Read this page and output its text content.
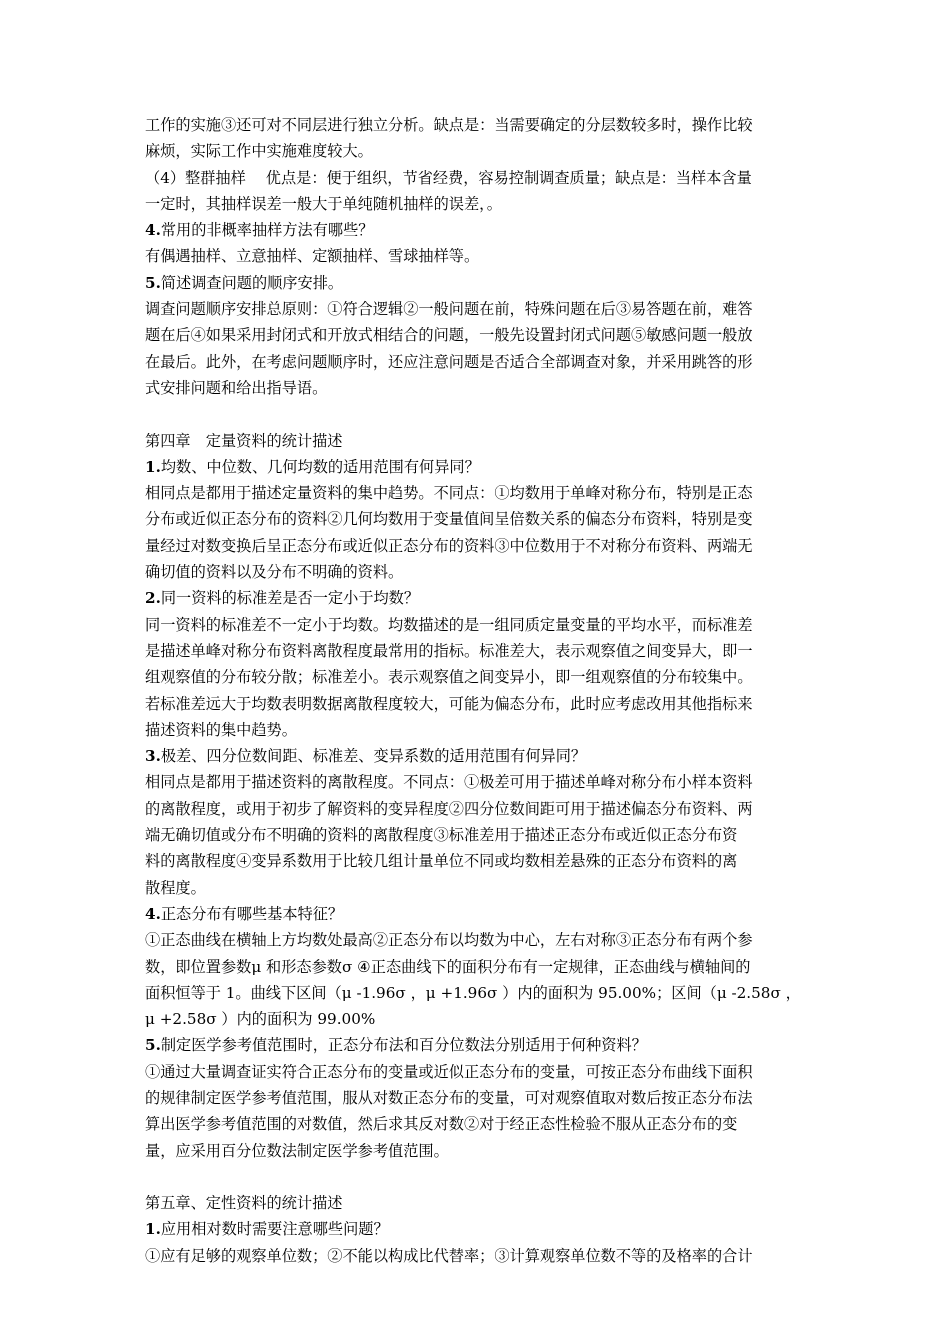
工作的实施③还可对不同层进行独立分析。缺点是：当需要确定的分层数较多时，操作比较
麻烦，实际工作中实施难度较大。
（4）整群抽样　 优点是：便于组织，节省经费，容易控制调查质量；缺点是：当样本含量
一定时，其抽样误差一般大于单纯随机抽样的误差，。
4.常用的非概率抽样方法有哪些？
有偶遇抽样、立意抽样、定额抽样、雪球抽样等。
5.简述调查问题的顺序安排。
调查问题顺序安排总原则：①符合逻辑②一般问题在前，特殊问题在后③易答题在前，难答
题在后④如果采用封闭式和开放式相结合的问题，一般先设置封闭式问题⑤敏感问题一般放
在最后。此外，在考虑问题顺序时，还应注意问题是否适合全部调查对象，并采用跳答的形
式安排问题和给出指导语。
第四章　定量资料的统计描述
1.均数、中位数、几何均数的适用范围有何异同？
相同点是都用于描述定量资料的集中趋势。不同点：①均数用于单峰对称分布，特别是正态
分布或近似正态分布的资料②几何均数用于变量值间呈倍数关系的偏态分布资料，特别是变
量经过对数变换后呈正态分布或近似正态分布的资料③中位数用于不对称分布资料、两端无
确切值的资料以及分布不明确的资料。
2.同一资料的标准差是否一定小于均数？
同一资料的标准差不一定小于均数。均数描述的是一组同质定量变量的平均水平，而标准差
是描述单峰对称分布资料离散程度最常用的指标。标准差大，表示观察值之间变异大，即一
组观察值的分布较分散；标准差小。表示观察值之间变异小，即一组观察值的分布较集中。
若标准差远大于均数表明数据离散程度较大，可能为偏态分布，此时应考虑改用其他指标来
描述资料的集中趋势。
3.极差、四分位数间距、标准差、变异系数的适用范围有何异同？
相同点是都用于描述资料的离散程度。不同点：①极差可用于描述单峰对称分布小样本资料
的离散程度，或用于初步了解资料的变异程度②四分位数间距可用于描述偏态分布资料、两
端无确切值或分布不明确的资料的离散程度③标准差用于描述正态分布或近似正态分布资
料的离散程度④变异系数用于比较几组计量单位不同或均数相差悬殊的正态分布资料的离
散程度。
4.正态分布有哪些基本特征？
①正态曲线在横轴上方均数处最高②正态分布以均数为中心，左右对称③正态分布有两个参
数，即位置参数μ 和形态参数σ ④正态曲线下的面积分布有一定规律，正态曲线与横轴间的
面积恒等于 1。曲线下区间（μ -1.96σ ，μ +1.96σ ）内的面积为 95.00%；区间（μ -2.58σ ，
μ +2.58σ ）内的面积为 99.00%
5.制定医学参考值范围时，正态分布法和百分位数法分别适用于何种资料？
①通过大量调查证实符合正态分布的变量或近似正态分布的变量，可按正态分布曲线下面积
的规律制定医学参考值范围，服从对数正态分布的变量，可对观察值取对数后按正态分布法
算出医学参考值范围的对数值，然后求其反对数②对于经正态性检验不服从正态分布的变
量，应采用百分位数法制定医学参考值范围。
第五章、定性资料的统计描述
1.应用相对数时需要注意哪些问题？
①应有足够的观察单位数；②不能以构成比代替率；③计算观察单位数不等的及格率的合计
